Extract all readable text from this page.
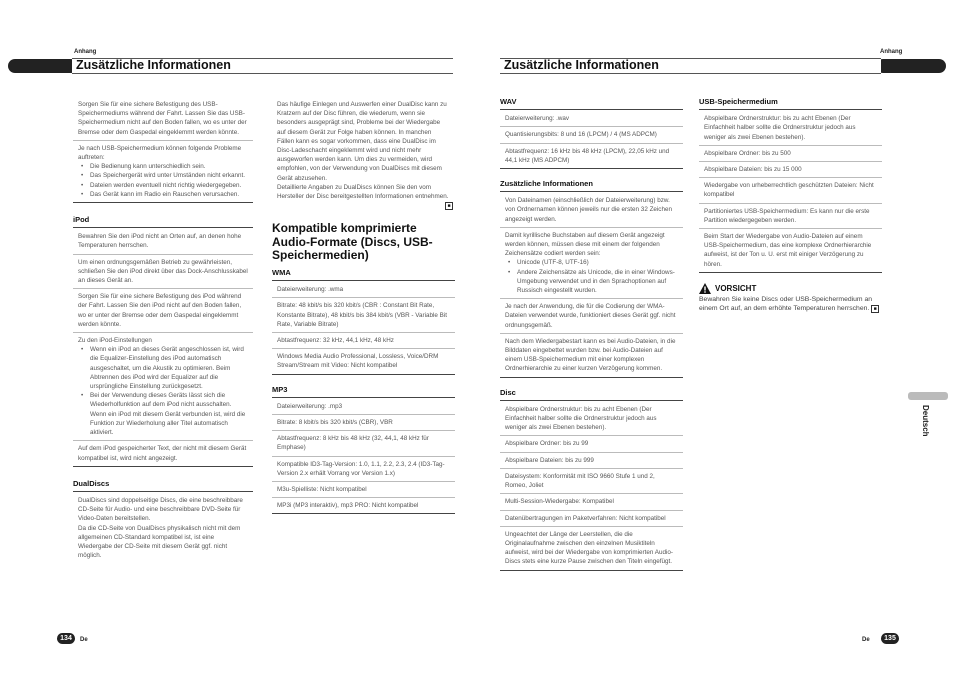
Anhang	Anhang
Zusätzliche Informationen	Zusätzliche Informationen
Sorgen Sie für eine sichere Befestigung des USB-Speichermediums während der Fahrt. Lassen Sie das USB-Speichermedium nicht auf den Boden fallen, wo es unter der Bremse oder dem Gaspedal eingeklemmt werden könnte.
Je nach USB-Speichermedium können folgende Probleme auftreten:
• Die Bedienung kann unterschiedlich sein.
• Das Speichergerät wird unter Umständen nicht erkannt.
• Dateien werden eventuell nicht richtig wiedergegeben.
• Das Gerät kann im Radio ein Rauschen verursachen.
iPod
Bewahren Sie den iPod nicht an Orten auf, an denen hohe Temperaturen herrschen.
Um einen ordnungsgemäßen Betrieb zu gewährleisten, schließen Sie den iPod direkt über das Dock-Anschlusskabel an dieses Gerät an.
Sorgen Sie für eine sichere Befestigung des iPod während der Fahrt. Lassen Sie den iPod nicht auf den Boden fallen, wo er unter der Bremse oder dem Gaspedal eingeklemmt werden könnte.
Zu den iPod-Einstellungen
• Wenn ein iPod an dieses Gerät angeschlossen ist, wird die Equalizer-Einstellung des iPod automatisch ausgeschaltet, um die Akustik zu optimieren. Beim Abtrennen des iPod wird der Equalizer auf die ursprüngliche Einstellung zurückgesetzt.
• Bei der Verwendung dieses Geräts lässt sich die Wiederholfunktion auf dem iPod nicht ausschalten. Wenn ein iPod mit diesem Gerät verbunden ist, wird die Funktion zur Wiederholung aller Titel automatisch aktiviert.
Auf dem iPod gespeicherter Text, der nicht mit diesem Gerät kompatibel ist, wird nicht angezeigt.
DualDiscs
DualDiscs sind doppelseitige Discs, die eine beschreibbare CD-Seite für Audio- und eine beschreibbare DVD-Seite für Video-Daten bereitstellen.
Da die CD-Seite von DualDiscs physikalisch nicht mit dem allgemeinen CD-Standard kompatibel ist, ist eine Wiedergabe der CD-Seite mit diesem Gerät ggf. nicht möglich.
Das häufige Einlegen und Auswerfen einer DualDisc kann zu Kratzern auf der Disc führen, die wiederum, wenn sie besonders ausgeprägt sind, Probleme bei der Wiedergabe auf diesem Gerät zur Folge haben können. In manchen Fällen kann es sogar vorkommen, dass eine DualDisc im Disc-Ladeschacht eingeklemmt wird und nicht mehr ausgeworfen werden kann. Um dies zu vermeiden, wird empfohlen, von der Verwendung von DualDiscs mit diesem Gerät abzusehen.
Detaillierte Angaben zu DualDiscs können Sie den vom Hersteller der Disc bereitgestellten Informationen entnehmen.
■
Kompatible komprimierte Audio-Formate (Discs, USB-Speichermedien)
WMA
Dateierweiterung: .wma
Bitrate: 48 kbit/s bis 320 kbit/s (CBR : Constant Bit Rate, Konstante Bitrate), 48 kbit/s bis 384 kbit/s (VBR - Variable Bit Rate, Variable Bitrate)
Abtastfrequenz: 32 kHz, 44,1 kHz, 48 kHz
Windows Media Audio Professional, Lossless, Voice/DRM Stream/Stream mit Video: Nicht kompatibel
MP3
Dateierweiterung: .mp3
Bitrate: 8 kbit/s bis 320 kbit/s (CBR), VBR
Abtastfrequenz: 8 kHz bis 48 kHz (32, 44,1, 48 kHz für Emphase)
Kompatible ID3-Tag-Version: 1.0, 1.1, 2.2, 2.3, 2.4 (ID3-Tag-Version 2.x erhält Vorrang vor Version 1.x)
M3u-Spielliste: Nicht kompatibel
MP3i (MP3 interaktiv), mp3 PRO: Nicht kompatibel
WAV
Dateierweiterung: .wav
Quantisierungsbits: 8 und 16 (LPCM) / 4 (MS ADPCM)
Abtastfrequenz: 16 kHz bis 48 kHz (LPCM), 22,05 kHz und 44,1 kHz (MS ADPCM)
Zusätzliche Informationen
Von Dateinamen (einschließlich der Dateierweiterung) bzw. von Ordnernamen können jeweils nur die ersten 32 Zeichen angezeigt werden.
Damit kyrillische Buchstaben auf diesem Gerät angezeigt werden können, müssen diese mit einem der folgenden Zeichensätze codiert werden sein:
• Unicode (UTF-8, UTF-16)
• Andere Zeichensätze als Unicode, die in einer Windows-Umgebung verwendet und in den Sprachoptionen auf Russisch eingestellt wurden.
Je nach der Anwendung, die für die Codierung der WMA-Dateien verwendet wurde, funktioniert dieses Gerät ggf. nicht ordnungsgemäß.
Nach dem Wiedergabestart kann es bei Audio-Dateien, in die Bilddaten eingebettet wurden bzw. bei Audio-Dateien auf einem USB-Speichermedium mit einer komplexen Ordnerhierarchie zu einer kurzen Verzögerung kommen.
Disc
Abspielbare Ordnerstruktur: bis zu acht Ebenen (Der Einfachheit halber sollte die Ordnerstruktur jedoch aus weniger als zwei Ebenen bestehen).
Abspielbare Ordner: bis zu 99
Abspielbare Dateien: bis zu 999
Dateisystem: Konformität mit ISO 9660 Stufe 1 und 2, Romeo, Joliet
Multi-Session-Wiedergabe: Kompatibel
Datenübertragungen im Paketverfahren: Nicht kompatibel
Ungeachtet der Länge der Leerstellen, die die Originalaufnahme zwischen den einzelnen Musiktiteln aufweist, wird bei der Wiedergabe von komprimierten Audio-Discs stets eine kurze Pause zwischen den Titeln eingefügt.
USB-Speichermedium
Abspielbare Ordnerstruktur: bis zu acht Ebenen (Der Einfachheit halber sollte die Ordnerstruktur jedoch aus weniger als zwei Ebenen bestehen).
Abspielbare Ordner: bis zu 500
Abspielbare Dateien: bis zu 15 000
Wiedergabe von urheberrechtlich geschützten Dateien: Nicht kompatibel
Partitioniertes USB-Speichermedium: Es kann nur die erste Partition wiedergegeben werden.
Beim Start der Wiedergabe von Audio-Dateien auf einem USB-Speichermedium, das eine komplexe Ordnerhierarchie aufweist, ist der Ton u. U. erst mit einiger Verzögerung zu hören.
VORSICHT
Bewahren Sie keine Discs oder USB-Speichermedium an einem Ort auf, an dem erhöhte Temperaturen herrschen. ■
Deutsch
134	De	De	135
